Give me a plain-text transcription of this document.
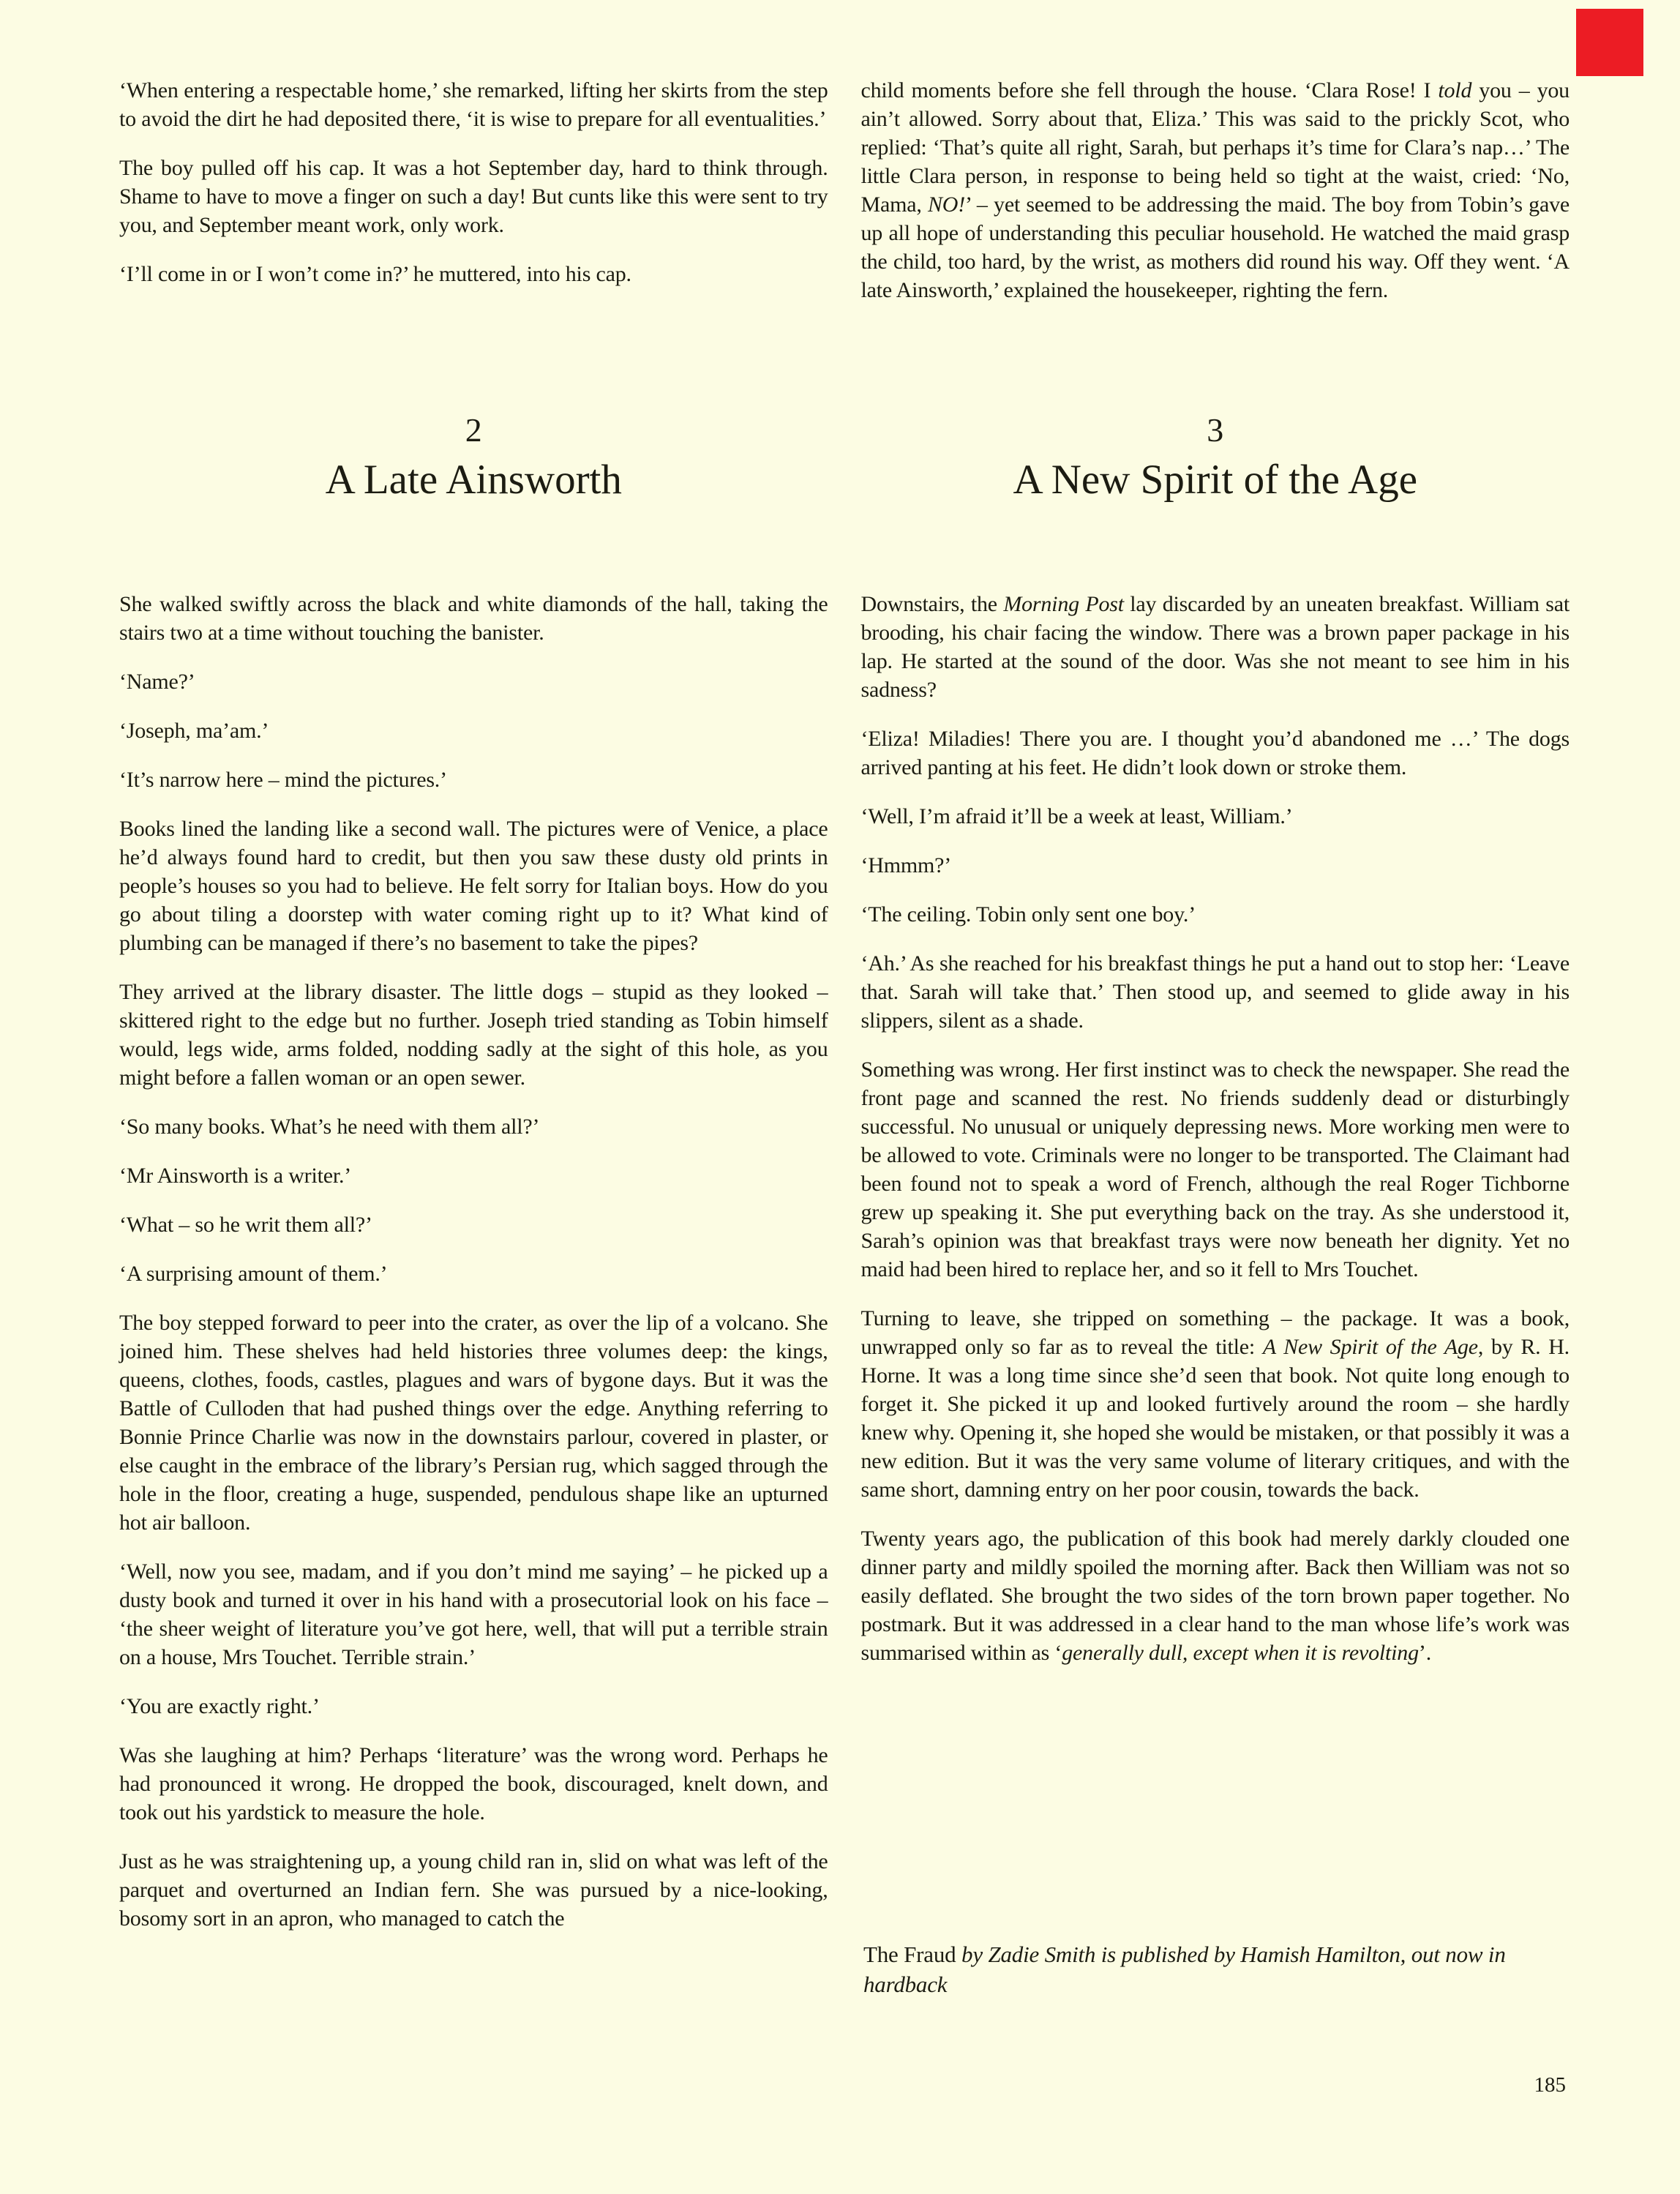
‘When entering a respectable home,’ she remarked, lifting her skirts from the step to avoid the dirt he had deposited there, ‘it is wise to prepare for all eventualities.’

The boy pulled off his cap. It was a hot September day, hard to think through. Shame to have to move a finger on such a day! But cunts like this were sent to try you, and September meant work, only work.

‘I’ll come in or I won’t come in?’ he muttered, into his cap.

child moments before she fell through the house. ‘Clara Rose! I told you – you ain’t allowed. Sorry about that, Eliza.’ This was said to the prickly Scot, who replied: ‘That’s quite all right, Sarah, but perhaps it’s time for Clara’s nap…’ The little Clara person, in response to being held so tight at the waist, cried: ‘No, Mama, NO!’ – yet seemed to be addressing the maid. The boy from Tobin’s gave up all hope of understanding this peculiar household. He watched the maid grasp the child, too hard, by the wrist, as mothers did round his way. Off they went. ‘A late Ainsworth,’ explained the housekeeper, righting the fern.

2
A Late Ainsworth
3
A New Spirit of the Age

She walked swiftly across the black and white diamonds of the hall, taking the stairs two at a time without touching the banister.

‘Name?’

‘Joseph, ma’am.’

‘It’s narrow here – mind the pictures.’

Books lined the landing like a second wall. The pictures were of Venice, a place he’d always found hard to credit, but then you saw these dusty old prints in people’s houses so you had to believe. He felt sorry for Italian boys. How do you go about tiling a doorstep with water coming right up to it? What kind of plumbing can be managed if there’s no basement to take the pipes?

They arrived at the library disaster. The little dogs – stupid as they looked – skittered right to the edge but no further. Joseph tried standing as Tobin himself would, legs wide, arms folded, nodding sadly at the sight of this hole, as you might before a fallen woman or an open sewer.

‘So many books. What’s he need with them all?’

‘Mr Ainsworth is a writer.’

‘What – so he writ them all?’

‘A surprising amount of them.’

The boy stepped forward to peer into the crater, as over the lip of a volcano. She joined him. These shelves had held histories three volumes deep: the kings, queens, clothes, foods, castles, plagues and wars of bygone days. But it was the Battle of Culloden that had pushed things over the edge. Anything referring to Bonnie Prince Charlie was now in the downstairs parlour, covered in plaster, or else caught in the embrace of the library’s Persian rug, which sagged through the hole in the floor, creating a huge, suspended, pendulous shape like an upturned hot air balloon.

‘Well, now you see, madam, and if you don’t mind me saying’ – he picked up a dusty book and turned it over in his hand with a prosecutorial look on his face – ‘the sheer weight of literature you’ve got here, well, that will put a terrible strain on a house, Mrs Touchet. Terrible strain.’

‘You are exactly right.’

Was she laughing at him? Perhaps ‘literature’ was the wrong word. Perhaps he had pronounced it wrong. He dropped the book, discouraged, knelt down, and took out his yardstick to measure the hole.

Just as he was straightening up, a young child ran in, slid on what was left of the parquet and overturned an Indian fern. She was pursued by a nice-looking, bosomy sort in an apron, who managed to catch the

Downstairs, the Morning Post lay discarded by an uneaten breakfast. William sat brooding, his chair facing the window. There was a brown paper package in his lap. He started at the sound of the door. Was she not meant to see him in his sadness?

‘Eliza! Miladies! There you are. I thought you’d abandoned me …’ The dogs arrived panting at his feet. He didn’t look down or stroke them.

‘Well, I’m afraid it’ll be a week at least, William.’

‘Hmmm?’

‘The ceiling. Tobin only sent one boy.’

‘Ah.’ As she reached for his breakfast things he put a hand out to stop her: ‘Leave that. Sarah will take that.’ Then stood up, and seemed to glide away in his slippers, silent as a shade.

Something was wrong. Her first instinct was to check the newspaper. She read the front page and scanned the rest. No friends suddenly dead or disturbingly successful. No unusual or uniquely depressing news. More working men were to be allowed to vote. Criminals were no longer to be transported. The Claimant had been found not to speak a word of French, although the real Roger Tichborne grew up speaking it. She put everything back on the tray. As she understood it, Sarah’s opinion was that breakfast trays were now beneath her dignity. Yet no maid had been hired to replace her, and so it fell to Mrs Touchet.

Turning to leave, she tripped on something – the package. It was a book, unwrapped only so far as to reveal the title: A New Spirit of the Age, by R. H. Horne. It was a long time since she’d seen that book. Not quite long enough to forget it. She picked it up and looked furtively around the room – she hardly knew why. Opening it, she hoped she would be mistaken, or that possibly it was a new edition. But it was the very same volume of literary critiques, and with the same short, damning entry on her poor cousin, towards the back.

Twenty years ago, the publication of this book had merely darkly clouded one dinner party and mildly spoiled the morning after. Back then William was not so easily deflated. She brought the two sides of the torn brown paper together. No postmark. But it was addressed in a clear hand to the man whose life’s work was summarised within as ‘generally dull, except when it is revolting’.

The Fraud by Zadie Smith is published by Hamish Hamilton, out now in hardback

185
